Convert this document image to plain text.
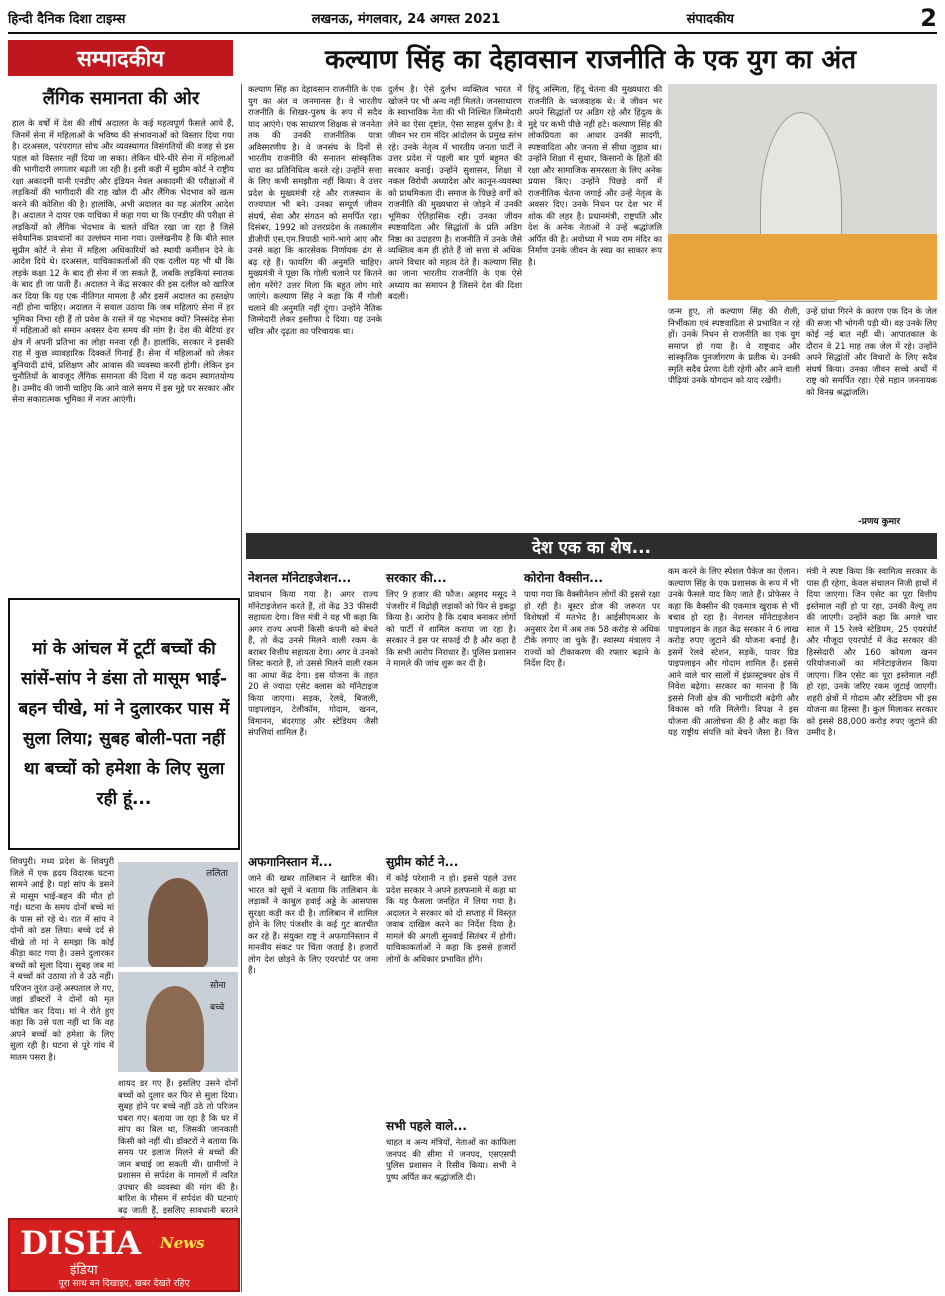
हिन्दी दैनिक दिशा टाइम्स	लखनऊ, मंगलवार, 24 अगस्त 2021	संपादकीय	2
सम्पादकीय	कल्याण सिंह का देहावसान राजनीति के एक युग का अंत
लैंगिक समानता की ओर

हाल के वर्षों में देश की शीर्ष अदालत के कई महत्वपूर्ण फैसले आये हैं, जिनमें सेना में महिलाओं के भविष्य की संभावनाओं को विस्तार दिया गया है। दरअसल, परंपरागत सोच और व्यवस्थागत विसंगतियों की वजह से इस पहल को विस्तार नहीं दिया जा सका। लेकिन धीरे-धीरे सेना में महिलाओं की भागीदारी लगातार बढ़ती जा रही है। इसी कड़ी में सुप्रीम कोर्ट ने राष्ट्रीय रक्षा अकादमी यानी एनडीए और इंडियन नेवल अकादमी की परीक्षाओं में लड़कियों की भागीदारी की राह खोल दी और लैंगिक भेदभाव को खत्म करने की कोशिश की है। हालांकि, अभी अदालत का यह अंतरिम आदेश है। अदालत ने दायर एक याचिका में कहा गया था कि एनडीए की परीक्षा से लड़कियों को लैंगिक भेदभाव के चलते वंचित रखा जा रहा है जिसे संवैधानिक प्रावधानों का उल्लंघन माना गया। उल्लेखनीय है कि बीते साल सुप्रीम कोर्ट ने सेना में महिला अधिकारियों को स्थायी कमीशन देने के आदेश दिये थे। दरअसल, याचिकाकर्ताओं की एक दलील यह भी थी कि लड़के कक्षा 12 के बाद ही सेना में जा सकते हैं, जबकि लड़कियां स्नातक के बाद ही जा पाती हैं। अदालत ने केंद्र सरकार की इस दलील को खारिज कर दिया कि यह एक नीतिगत मामला है और इसमें अदालत का हस्तक्षेप नहीं होना चाहिए। अदालत ने सवाल उठाया कि जब महिलाएं सेना में हर भूमिका निभा रही हैं तो प्रवेश के रास्ते में यह भेदभाव क्यों? निस्संदेह सेना में महिलाओं को समान अवसर देना समय की मांग है। देश की बेटियां हर क्षेत्र में अपनी प्रतिभा का लोहा मनवा रही हैं। हालांकि, सरकार ने इसकी राह में कुछ व्यावहारिक दिक्कतें गिनाई हैं। सेना में महिलाओं को लेकर बुनियादी ढांचे, प्रशिक्षण और आवास की व्यवस्था करनी होगी। लेकिन इन चुनौतियों के बावजूद लैंगिक समानता की दिशा में यह कदम स्वागतयोग्य है। उम्मीद की जानी चाहिए कि आने वाले समय में इस मुद्दे पर सरकार और सेना सकारात्मक भूमिका में नजर आएंगी।

मां के आंचल में टूटीं बच्चों की सांसें-सांप ने डंसा तो मासूम भाई-बहन चीखे, मां ने दुलारकर पास में सुला लिया; सुबह बोली-पता नहीं था बच्चों को हमेशा के लिए सुला रही हूं...

शिवपुरी। मध्य प्रदेश के शिवपुरी जिले में एक ह्रदय विदारक घटना सामने आई है। यहां सांप के डसने से मासूम भाई-बहन की मौत हो गई। घटना के समय दोनों बच्चे मां के पास सो रहे थे। रात में सांप ने दोनों को डस लिया। बच्चे दर्द से चीखे तो मां ने समझा कि कोई कीड़ा काट गया है। उसने दुलारकर बच्चों को सुला दिया। सुबह जब मां ने बच्चों को उठाया तो वे उठे नहीं। परिजन तुरंत उन्हें अस्पताल ले गए, जहां डॉक्टरों ने दोनों को मृत घोषित कर दिया। मां ने रोते हुए कहा कि उसे पता नहीं था कि वह अपने बच्चों को हमेशा के लिए सुला रही है। घटना से पूरे गांव में मातम पसरा है।

ललिता
सोना
बच्चे

शायद डर गए हैं। इसलिए उसने दोनों बच्चों को दुलार कर फिर से सुला दिया। सुबह होने पर बच्चे नहीं उठे तो परिजन घबरा गए। बताया जा रहा है कि घर में सांप का बिल था, जिसकी जानकारी किसी को नहीं थी। डॉक्टरों ने बताया कि समय पर इलाज मिलने से बच्चों की जान बचाई जा सकती थी। ग्रामीणों ने प्रशासन से सर्पदंश के मामलों में त्वरित उपचार की व्यवस्था की मांग की है। बारिश के मौसम में सर्पदंश की घटनाएं बढ़ जाती हैं, इसलिए सावधानी बरतने

DISHA News
इंडिया
पूरा साथ बन दिखाइए, खबर देखते रहिए

कल्याण सिंह का देहावसान राजनीति के एक युग का अंत व जनमानस है। वे भारतीय राजनीति के शिखर-पुरुष के रूप में सदैव याद आएंगे। एक साधारण शिक्षक से जननेता तक की उनकी राजनीतिक यात्रा अविस्मरणीय है। वे जनसंघ के दिनों से भारतीय राजनीति की सनातन सांस्कृतिक धारा का प्रतिनिधित्व करते रहे। उन्होंने सत्ता के लिए कभी समझौता नहीं किया। वे उत्तर प्रदेश के मुख्यमंत्री रहे और राजस्थान के राज्यपाल भी बने। उनका सम्पूर्ण जीवन संघर्ष, सेवा और संगठन को समर्पित रहा। दिसंबर, 1992 को उत्तरप्रदेश के तत्कालीन डीजीपी एस.एम.त्रिपाठी भागे-भागे आए और उनसे कहा कि कारसेवक निर्णायक ढंग से बढ़ रहे हैं। फायरिंग की अनुमति चाहिए। मुख्यमंत्री ने पूछा कि गोली चलाने पर कितने लोग मरेंगे? उत्तर मिला कि बहुत लोग मारे जाएंगे। कल्याण सिंह ने कहा कि मैं गोली चलाने की अनुमति नहीं दूंगा। उन्होंने नैतिक जिम्मेदारी लेकर इस्तीफा दे दिया। यह उनके चरित्र और दृढ़ता का परिचायक था।

दुर्लभ है। ऐसे दुर्लभ व्यक्तित्व भारत में खोजने पर भी अन्य नहीं मिलते। जनसाधारण के स्वाभाविक नेता की भी निश्चित जिम्मेदारी लेने का ऐसा दृष्टांत, ऐसा साहस दुर्लभ है। वे जीवन भर राम मंदिर आंदोलन के प्रमुख स्तंभ रहे। उनके नेतृत्व में भारतीय जनता पार्टी ने उत्तर प्रदेश में पहली बार पूर्ण बहुमत की सरकार बनाई। उन्होंने सुशासन, शिक्षा में नकल विरोधी अध्यादेश और कानून-व्यवस्था को प्राथमिकता दी। समाज के पिछड़े वर्गों को राजनीति की मुख्यधारा से जोड़ने में उनकी भूमिका ऐतिहासिक रही। उनका जीवन स्पष्टवादिता और सिद्धांतों के प्रति अडिग निष्ठा का उदाहरण है। राजनीति में उनके जैसे व्यक्तित्व कम ही होते हैं जो सत्ता से अधिक अपने विचार को महत्व देते हैं। कल्याण सिंह का जाना भारतीय राजनीति के एक ऐसे अध्याय का समापन है जिसने देश की दिशा बदली।

हिंदू अस्मिता, हिंदू चेतना की मुख्यधारा की राजनीति के ध्वजवाहक थे। वे जीवन भर अपने सिद्धांतों पर अडिग रहे और हिंदुत्व के मुद्दे पर कभी पीछे नहीं हटे। कल्याण सिंह की लोकप्रियता का आधार उनकी सादगी, स्पष्टवादिता और जनता से सीधा जुड़ाव था। उन्होंने शिक्षा में सुधार, किसानों के हितों की रक्षा और सामाजिक समरसता के लिए अनेक प्रयास किए। उन्होंने पिछड़े वर्गों में राजनीतिक चेतना जगाई और उन्हें नेतृत्व के अवसर दिए। उनके निधन पर देश भर में शोक की लहर है। प्रधानमंत्री, राष्ट्रपति और देश के अनेक नेताओं ने उन्हें श्रद्धांजलि अर्पित की है। अयोध्या में भव्य राम मंदिर का निर्माण उनके जीवन के स्वप्न का साकार रूप है।

जन्म हुए, तो कल्याण सिंह की शैली, निर्भीकता एवं स्पष्टवादिता से प्रभावित न रहे हों। उनके निधन से राजनीति का एक युग समाप्त हो गया है। वे राष्ट्रवाद और सांस्कृतिक पुनर्जागरण के प्रतीक थे। उनकी स्मृति सदैव प्रेरणा देती रहेगी और आने वाली पीढ़ियां उनके योगदान को याद रखेंगी।

उन्हें ग्रांधा गिरने के कारण एक दिन के जेल की सजा भी भोगनी पड़ी थी। वह उनके लिए कोई नई बात नहीं थी। आपातकाल के दौरान वे 21 माह तक जेल में रहे। उन्होंने अपने सिद्धांतों और विचारों के लिए सदैव संघर्ष किया। उनका जीवन सच्चे अर्थों में राष्ट्र को समर्पित रहा। ऐसे महान जननायक को विनम्र श्रद्धांजलि।

-प्रणय कुमार
देश एक का शेष...

नेशनल मॉनेटाइजेशन...

प्रावधान किया गया है। अगर राज्य मॉनेटाइजेशन करते हैं, तो केंद्र 33 फीसदी सहायता देगा। वित्त मंत्री ने यह भी कहा कि अगर राज्य अपनी किसी कंपनी को बेचते हैं, तो केंद्र उनसे मिलने वाली रकम के बराबर वित्तीय सहायता देगा। अगर वे उनको लिस्ट कराते हैं, तो उससे मिलने वाली रकम का आधा केंद्र देगा। इस योजना के तहत 20 से ज्यादा एसेट क्लास को मॉनेटाइज किया जाएगा। सड़क, रेलवे, बिजली, पाइपलाइन, टेलीकॉम, गोदाम, खनन, विमानन, बंदरगाह और स्टेडियम जैसी संपत्तियां शामिल हैं।

अफगानिस्तान में...

जाने की खबर तालिबान ने खारिज की। भारत को सूत्रों ने बताया कि तालिबान के लड़ाकों ने काबुल हवाई अड्डे के आसपास सुरक्षा कड़ी कर दी है। तालिबान में शामिल होने के लिए पंजशीर के कई गुट बातचीत कर रहे हैं। संयुक्त राष्ट्र ने अफगानिस्तान में मानवीय संकट पर चिंता जताई है। हजारों लोग देश छोड़ने के लिए एयरपोर्ट पर जमा हैं।

सरकार की...

लिए 9 हजार की फौज। अहमद मसूद ने पंजशीर में विद्रोही लड़ाकों को फिर से इकट्ठा किया है। आरोप है कि दबाव बनाकर लोगों को पार्टी में शामिल कराया जा रहा है। सरकार ने इस पर सफाई दी है और कहा है कि सभी आरोप निराधार हैं। पुलिस प्रशासन ने मामले की जांच शुरू कर दी है।

सुप्रीम कोर्ट ने...

में कोई परेशानी न हो। इससे पहले उत्तर प्रदेश सरकार ने अपने हलफनामे में कहा था कि यह फैसला जनहित में लिया गया है। अदालत ने सरकार को दो सप्ताह में विस्तृत जवाब दाखिल करने का निर्देश दिया है। मामले की अगली सुनवाई सितंबर में होगी। याचिकाकर्ताओं ने कहा कि इससे हजारों लोगों के अधिकार प्रभावित होंगे।

सभी पहले वाले...

चाहत व अन्य मंत्रियों, नेताओं का काफिला जनपद की सीमा में जनपद, एसएसपी पुलिस प्रशासन ने रिसीव किया। सभी ने पुष्प अर्पित कर श्रद्धांजलि दी।

कोरोना वैक्सीन...

पाया गया कि वैक्सीनेशन लोगों की इससे रक्षा हो रही है। बूस्टर डोज की जरूरत पर विशेषज्ञों में मतभेद है। आईसीएमआर के अनुसार देश में अब तक 58 करोड़ से अधिक टीके लगाए जा चुके हैं। स्वास्थ्य मंत्रालय ने राज्यों को टीकाकरण की रफ्तार बढ़ाने के निर्देश दिए हैं।

कम करने के लिए स्पेशल पैकेज का ऐलान। कल्याण सिंह के एक प्रशासक के रूप में भी उनके फैसले याद किए जाते हैं। प्रोफेसर ने कहा कि वैक्सीन की एकमात्र खुराक से भी बचाव हो रहा है। नेशनल मॉनेटाइजेशन पाइपलाइन के तहत केंद्र सरकार ने 6 लाख करोड़ रुपए जुटाने की योजना बनाई है। इसमें रेलवे स्टेशन, सड़कें, पावर ग्रिड पाइपलाइन और गोदाम शामिल हैं। इससे आने वाले चार सालों में इंफ्रास्ट्रक्चर क्षेत्र में निवेश बढ़ेगा। सरकार का मानना है कि इससे निजी क्षेत्र की भागीदारी बढ़ेगी और विकास को गति मिलेगी। विपक्ष ने इस योजना की आलोचना की है और कहा कि यह राष्ट्रीय संपत्ति को बेचने जैसा है। वित्त मंत्री ने स्पष्ट किया कि स्वामित्व सरकार के पास ही रहेगा, केवल संचालन निजी हाथों में दिया जाएगा। जिन एसेट का पूरा वित्तीय इस्तेमाल नहीं हो पा रहा, उनकी वैल्यू तय की जाएगी। उन्होंने कहा कि अगले चार साल में 15 रेलवे स्टेडियम, 25 एयरपोर्ट और मौजूदा एयरपोर्ट में केंद्र सरकार की हिस्सेदारी और 160 कोयला खनन परियोजनाओं का मॉनेटाइजेशन किया जाएगा। जिन एसेट का पूरा इस्तेमाल नहीं हो रहा, उनके जरिए रकम जुटाई जाएगी। शहरी क्षेत्रों में गोदाम और स्टेडियम भी इस योजना का हिस्सा हैं। कुल मिलाकर सरकार को इससे 88,000 करोड़ रुपए जुटाने की उम्मीद है।
